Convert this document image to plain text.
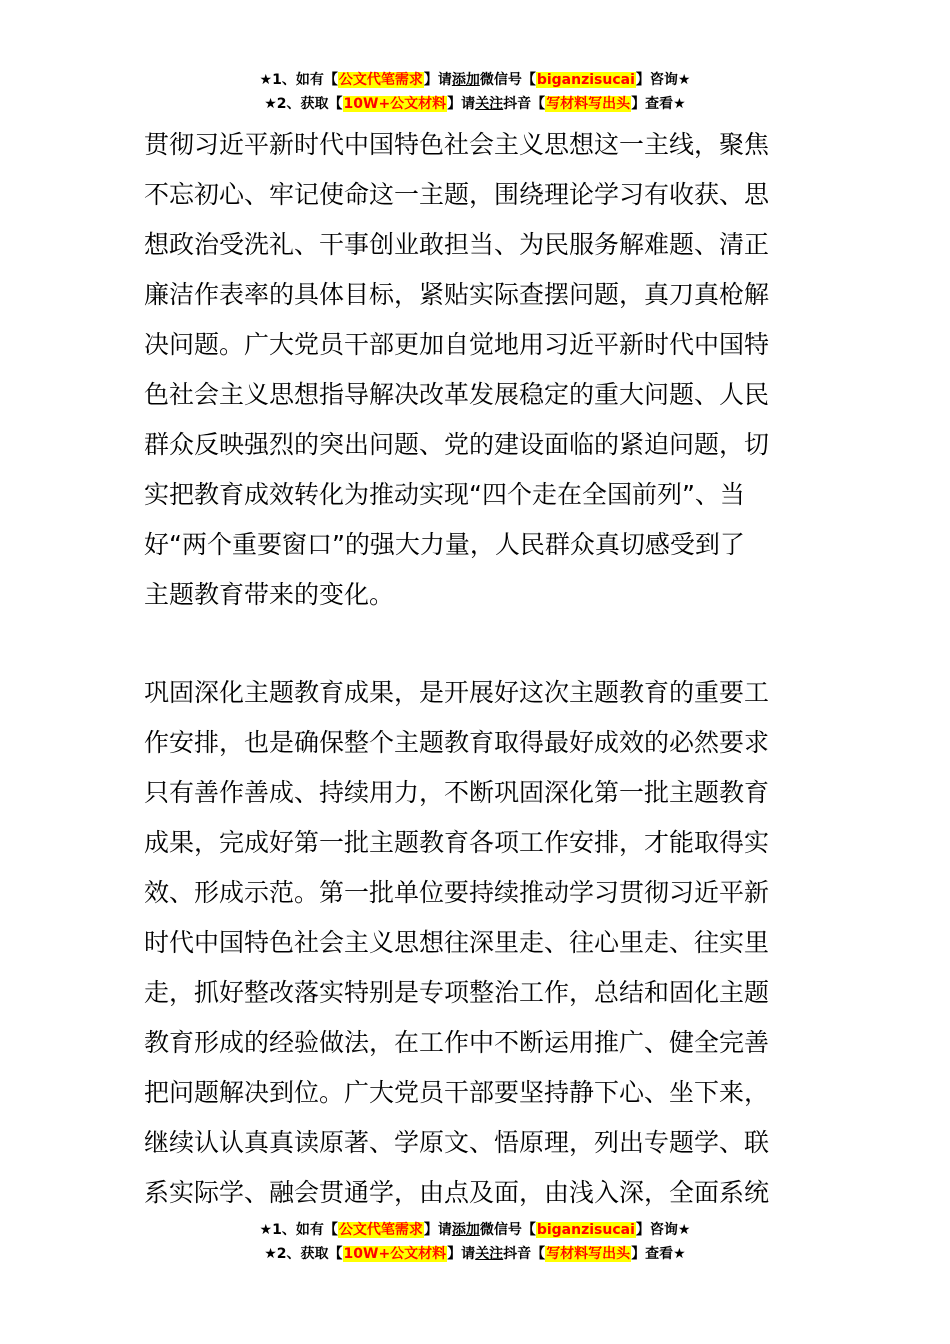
★1、如有【公文代笔需求】请添加微信号【biganzisucai】咨询★
★2、获取【10W+公文材料】请关注抖音【写材料写出头】查看★
贯彻习近平新时代中国特色社会主义思想这一主线，聚焦
不忘初心、牢记使命这一主题，围绕理论学习有收获、思
想政治受洗礼、干事创业敢担当、为民服务解难题、清正
廉洁作表率的具体目标，紧贴实际查摆问题，真刀真枪解
决问题。广大党员干部更加自觉地用习近平新时代中国特
色社会主义思想指导解决改革发展稳定的重大问题、人民
群众反映强烈的突出问题、党的建设面临的紧迫问题，切
实把教育成效转化为推动实现“四个走在全国前列”、当
好“两个重要窗口”的强大力量，人民群众真切感受到了
主题教育带来的变化。
巩固深化主题教育成果，是开展好这次主题教育的重要工
作安排，也是确保整个主题教育取得最好成效的必然要求
只有善作善成、持续用力，不断巩固深化第一批主题教育
成果，完成好第一批主题教育各项工作安排，才能取得实
效、形成示范。第一批单位要持续推动学习贯彻习近平新
时代中国特色社会主义思想往深里走、往心里走、往实里
走，抓好整改落实特别是专项整治工作，总结和固化主题
教育形成的经验做法，在工作中不断运用推广、健全完善
把问题解决到位。广大党员干部要坚持静下心、坐下来，
继续认认真真读原著、学原文、悟原理，列出专题学、联
系实际学、融会贯通学，由点及面，由浅入深，全面系统
★1、如有【公文代笔需求】请添加微信号【biganzisucai】咨询★
★2、获取【10W+公文材料】请关注抖音【写材料写出头】查看★
